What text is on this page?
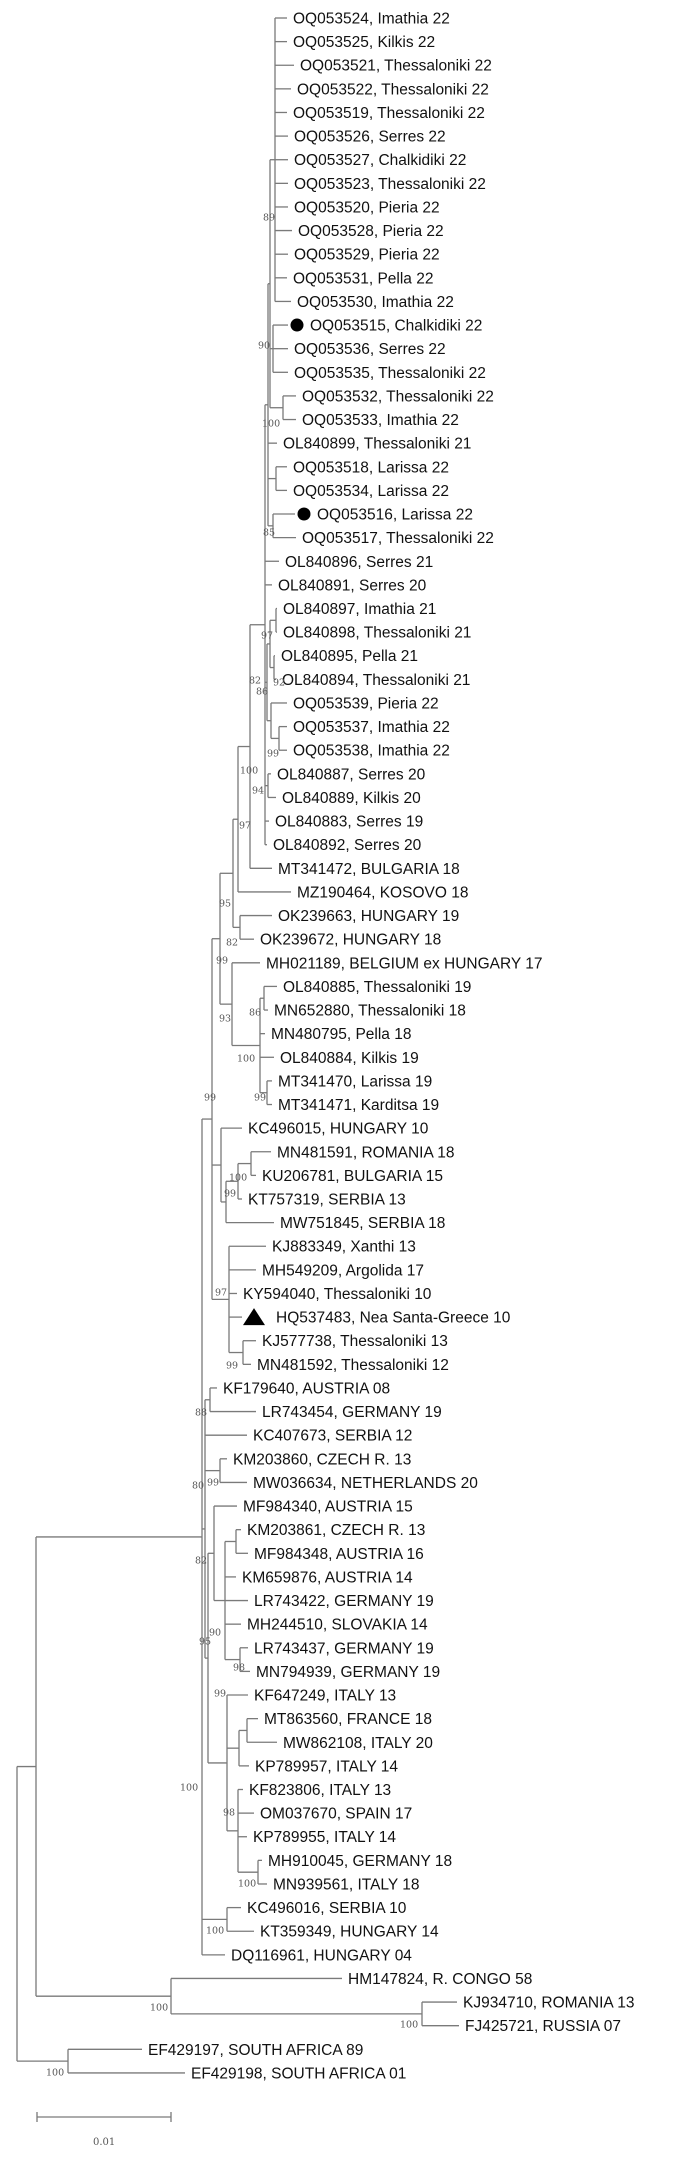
OQ053524, Imathia 22
OQ053525, Kilkis 22
OQ053521, Thessaloniki 22
OQ053522, Thessaloniki 22
OQ053519, Thessaloniki 22
OQ053526, Serres 22
OQ053527, Chalkidiki 22
OQ053523, Thessaloniki 22
OQ053520, Pieria 22
OQ053528, Pieria 22
OQ053529, Pieria 22
OQ053531, Pella 22
OQ053530, Imathia 22
OQ053515, Chalkidiki 22
OQ053536, Serres 22
OQ053535, Thessaloniki 22
OQ053532, Thessaloniki 22
OQ053533, Imathia 22
OL840899, Thessaloniki 21
OQ053518, Larissa 22
OQ053534, Larissa 22
OQ053516, Larissa 22
OQ053517, Thessaloniki 22
OL840896, Serres 21
OL840891, Serres 20
OL840897, Imathia 21
OL840898, Thessaloniki 21
OL840895, Pella 21
OL840894, Thessaloniki 21
OQ053539, Pieria 22
OQ053537, Imathia 22
OQ053538, Imathia 22
OL840887, Serres 20
OL840889, Kilkis 20
OL840883, Serres 19
OL840892, Serres 20
MT341472, BULGARIA 18
MZ190464, KOSOVO 18
OK239663, HUNGARY 19
OK239672, HUNGARY 18
MH021189, BELGIUM ex HUNGARY 17
OL840885, Thessaloniki 19
MN652880, Thessaloniki 18
MN480795, Pella 18
OL840884, Kilkis 19
MT341470, Larissa 19
MT341471, Karditsa 19
KC496015, HUNGARY 10
MN481591, ROMANIA 18
KU206781, BULGARIA 15
KT757319, SERBIA 13
MW751845, SERBIA 18
KJ883349, Xanthi 13
MH549209, Argolida 17
KY594040, Thessaloniki 10
HQ537483, Nea Santa-Greece 10
KJ577738, Thessaloniki 13
MN481592, Thessaloniki 12
KF179640, AUSTRIA 08
LR743454, GERMANY 19
KC407673, SERBIA 12
KM203860, CZECH R. 13
MW036634, NETHERLANDS 20
MF984340, AUSTRIA 15
KM203861, CZECH R. 13
MF984348, AUSTRIA 16
KM659876, AUSTRIA 14
LR743422, GERMANY 19
MH244510, SLOVAKIA 14
LR743437, GERMANY 19
MN794939, GERMANY 19
KF647249, ITALY 13
MT863560, FRANCE 18
MW862108, ITALY 20
KP789957, ITALY 14
KF823806, ITALY 13
OM037670, SPAIN 17
KP789955, ITALY 14
MH910045, GERMANY 18
MN939561, ITALY 18
KC496016, SERBIA 10
KT359349, HUNGARY 14
DQ116961, HUNGARY 04
HM147824, R. CONGO 58
KJ934710, ROMANIA 13
FJ425721, RUSSIA 07
EF429197, SOUTH AFRICA 89
EF429198, SOUTH AFRICA 01
89
90
100
85
97
82
86
92
99
100
94
97
95
82
99
93
86
100
99	99
100
99
97
99
88
80 99
82
95
90
98
99
100
98
100
100
100
100
100
0.01
